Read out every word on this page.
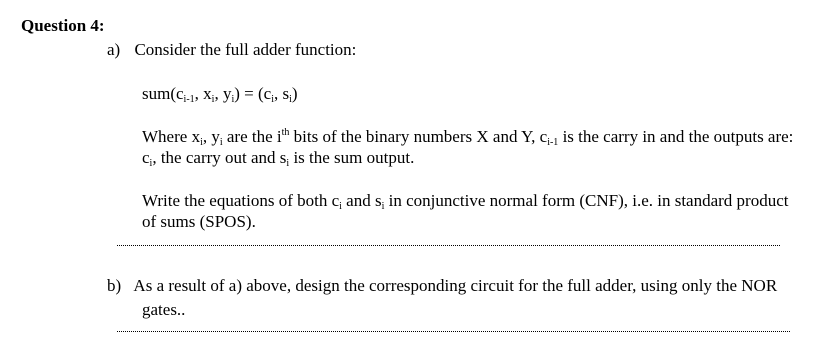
Question 4:
a) Consider the full adder function:
$sum(c_{i-1}$, $x_i$, $y_i) = (c_i$, $s_i$)
Where $x_i$, $y_i$ are the $i^{th}$ bits of the binary numbers X and Y, $c_{i-1}$ is the carry in and the outputs are:
$c_i$, the carry out and $s_i$ is the sum output.
Write the equations of both $c_i$ and $s_i$ in conjunctive normal form (CNF), i.e. in standard product
of sums (SPOS).
b) As a result of a) above, design the corresponding circuit for the full adder, using only the NOR
gates..
